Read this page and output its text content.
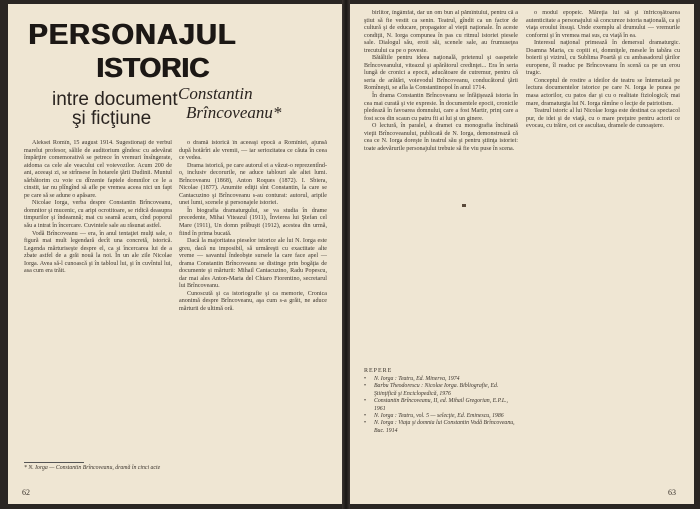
PERSONAJUL
ISTORIC
intre document
şi ficţiune
Constantin
Brîncoveanu*

Aleksei Romîn, 15 august 1914. Sugestionaţi de verbul marelui profesor, sălile de auditorium gîndesc cu adevărat împărţire comemorativă se petrece în vremuri însîngerate, aidoma ca cele ale veacului cel voievozilor. Acum 200 de ani, aceeaşi zi, se strînsese în hotarele ţării Dudinii. Muntul sărbătorim cu voie cu dîrzenie faptele domnilor ce le a cinstit, iar nu plîngînd să afle pe vremea aceea nici un fapt pe care să se adune o apăsare.

Nicolae Iorga, verba despre Constantin Brîncoveanu, domnitor şi mucenic, cu aripi ocrotitoare, se ridică deasupra timpurilor şi îndeamnă; mai cu seamă acum, cînd poporul său a intrat în încercare. Cuvintele sale au răsunat astfel.

Vodă Brîncoveanu — era, în anul tentaţiei mulţi sale, o figură mai mult legendară decît una concretă, istorică. Legenda mărturiseşte despre el, ca şi încercarea lui de a zbate astfel de a grăi nouă la noi. În un ale zile Nicolae Iorga. Avea să-l cunoască şi în tabloul lui, şi în cuvîntul lui, asa cum era trăit.

o dramă istorică în aceeaşi epocă a Romîniei, ajunsă după hotărîri ale vremii, — iar seriozitatea ce căuta în ceea ce vedea.

Drama istorică, pe care autorul ei a văzut-o reprezentînd-o, inclusiv decorurile, ne aduce tablouri ale altei lumi. Brîncoveanu (1868), Anton Roques (1872). I. Sbiera, Nicolae (1877). Anumite ediţii sînt Constantin, la care se Cantacuzino şi Brîncoveanu s-au conturat: autorul, aripile unei lumi, scenele şi personajele istoriei.

În biografia dramaturgului, se va studia în drame precedente, Mihai Viteazul (1911), Învierea lui Ştefan cel Mare (1911), Un domn prăbuşit (1912), acestea din urmă, fiind în prima bucată.

Dacă la majoritatea pieselor istorice ale lui N. Iorga este greu, dacă nu imposibil, să urmăreşti cu exactitate alte vreme — savantul îndeobşte sursele la care face apel — drama Constantin Brîncoveanu se distinge prin bogăţia de documente şi mărturii: Mihail Cantacuzino, Radu Popescu, dar mai ales Anton-Maria del Chiaro Fiorentino, secretarul lui Brîncoveanu.

Cunoscută şi ca istoriografie şi ca memorie, Cronica anonimă despre Brîncoveanu, aşa cum s-a grăit, ne aduce mărturii de ultimă oră.

* N. Iorga — Constantin Brîncoveanu, dramă în cinci acte
62

birlitor, îngâmfat, dar un om bun al pămîntului, pentru că a ştiut să fie vestit ca senin. Teatrul, gîndit ca un factor de cultură şi de educare, propagator al vieţii naţionale. În aceste condiţii, N. Iorga compunea în pas cu ritmul istoriei piesele sale. Dialogul său, eroii săi, scenele sale, au frumuseţea trecutului ca pe o poveste.

Bătăliile pentru ideea naţională, prietenul şi oaspetele Brîncoveanului, viteazul şi apărătorul credinţei... Era în seria lungă de cronici a epocii, aducătoare de cutremur, pentru că seria de arătări, voievodul Brîncoveanu, conducătorul ţării Romîneşti, se afla la Constantinopol în anul 1714.

În drama Constantin Brîncoveanu se înfăţişează istoria în cea mai curată şi vie expresie. În documentele epocii, cronicile pledează în favoarea domnului, care a fost Martir, prinţ care a fost scos din scaun cu patru fii ai lui şi un ginere.

O lectură, în paralel, a dramei cu monografia închinată vieţii Brîncoveanului, publicată de N. Iorga, demonstrează că cea ce N. Iorga doreşte în teatrul său şi pentru ştiinţa istoriei: toate adevărurile personajului trebuie să fie viu puse în scena.

o modul epopeic. Măreţia lui să şi înfricoşătoarea autenticitate a personajului să concureze istoria naţională, ca şi viaţa eroului însuşi. Unde exemplu al drumului — vremurile conformi şi în vremea mai sus, cu viaţă în ea.

Interesul naţional primează în demersul dramaturgic. Doamna Maria, cu copiii ei, domniţele, mesele în tabăra cu boierii şi vizirul, cu Sublima Poartă şi cu ambasadorul ţărilor europene, îl readuc pe Brîncoveanu în scenă ca pe un erou tragic.

Conceptul de rostire a ideilor de teatru se întemeiază pe lectura documentelor istorice pe care N. Iorga le punea pe masa actorilor, cu patos dar şi cu o realitate fiziologică; mai mare, dramaturgia lui N. Iorga rămîne o lecţie de patriotism.

Teatrul istoric al lui Nicolae Iorga este destinat ca spectacol pur, de idei şi de viaţă, cu o mare preţuire pentru actorii ce evocau, cu trăire, cei ce ascultau, dramele de cunoaştere.

REPERE
•	N. Iorga : Teatru, Ed. Minerva, 1974
•	Barbu Theodorescu : Nicolae Iorga. Bibliografie, Ed. Ştiinţifică şi Enciclopedică, 1976
•	Constantin Brîncoveanu, II, ed. Mihail Gregorian, E.P.L., 1961
•	N. Iorga : Teatru, vol. 5 — selecţie, Ed. Eminescu, 1986
•	N. Iorga : Viaţa şi domnia lui Constantin Vodă Brîncoveanu, Buc. 1914
63
